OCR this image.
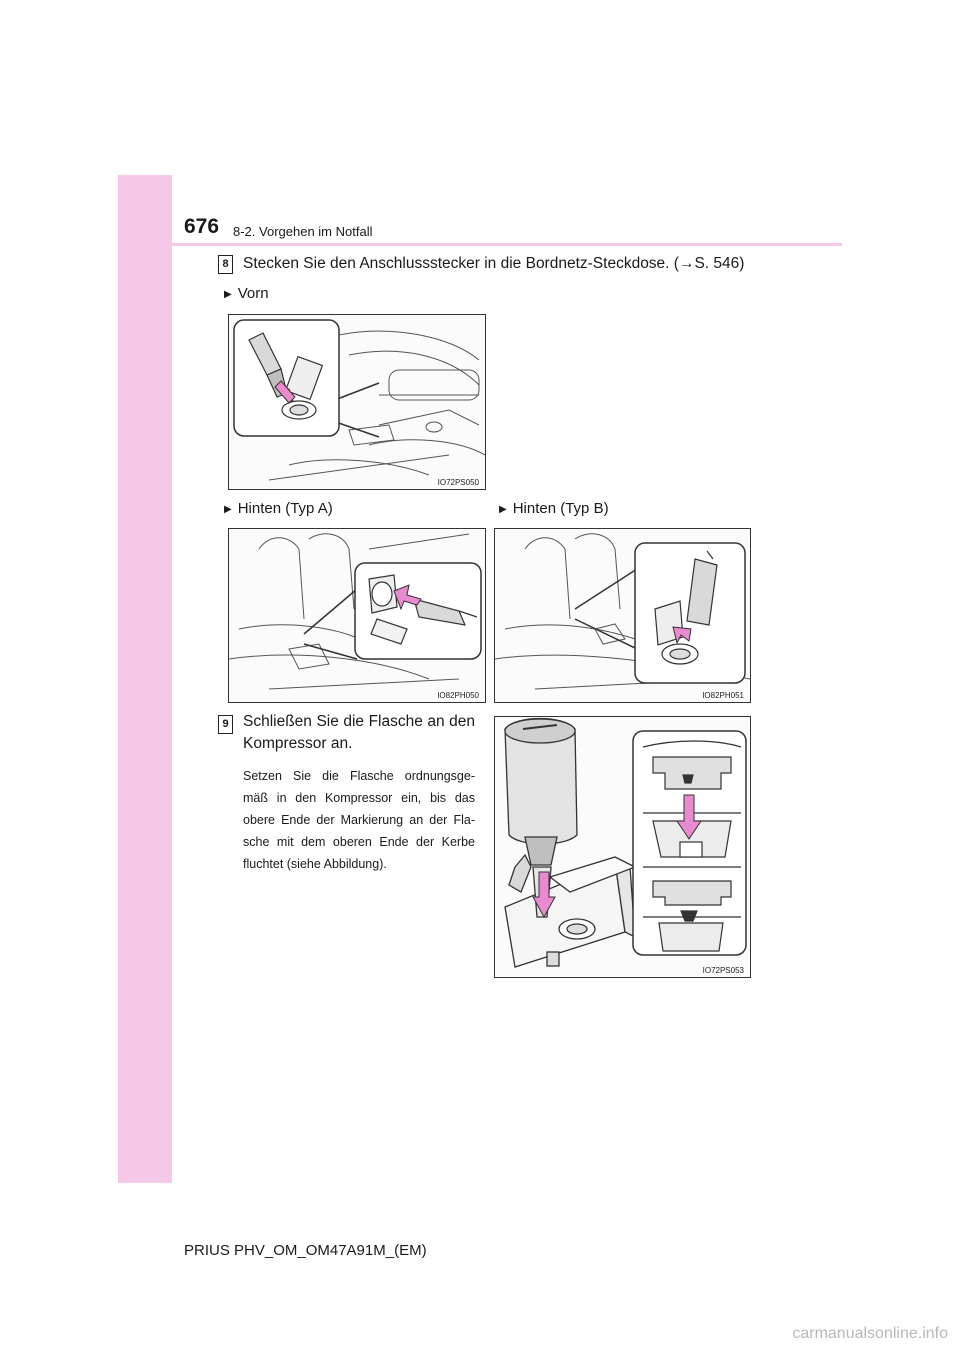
676 8-2. Vorgehen im Notfall
8 Stecken Sie den Anschlussstecker in die Bordnetz-Steckdose. (→S. 546)
▶ Vorn
IO72PS050
▶ Hinten (Typ A)	▶ Hinten (Typ B)
IO82PH050	IO82PH051
9 Schließen Sie die Flasche an den
Kompressor an.
Setzen Sie die Flasche ordnungsge-
mäß in den Kompressor ein, bis das
obere Ende der Markierung an der Fla-
sche mit dem oberen Ende der Kerbe
fluchtet (siehe Abbildung).
IO72PS053
PRIUS PHV_OM_OM47A91M_(EM)
carmanualsonline.info
